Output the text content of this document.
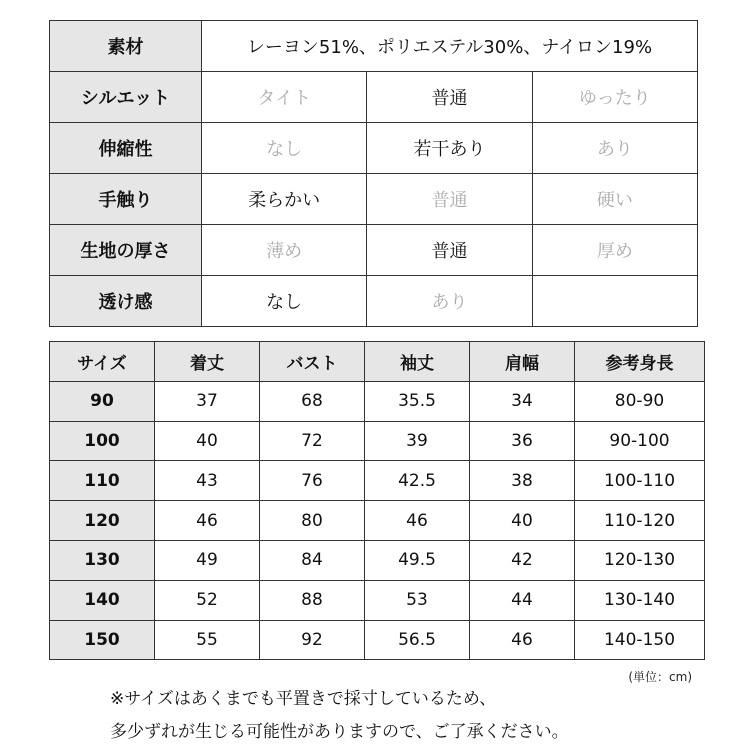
素材	レーヨン51%、ポリエステル30%、ナイロン19%		
シルエット	タイト	普通	ゆったり
伸縮性	なし	若干あり	あり
手触り	柔らかい	普通	硬い
生地の厚さ	薄め	普通	厚め
透け感	なし	あり	
サイズ	着丈	バスト	袖丈	肩幅	参考身長
90	37	68	35.5	34	80-90
100	40	72	39	36	90-100
110	43	76	42.5	38	100-110
120	46	80	46	40	110-120
130	49	84	49.5	42	120-130
140	52	88	53	44	130-140
150	55	92	56.5	46	140-150
(単位：cm)
※サイズはあくまでも平置きで採寸しているため、
多少ずれが生じる可能性がありますので、ご了承ください。
